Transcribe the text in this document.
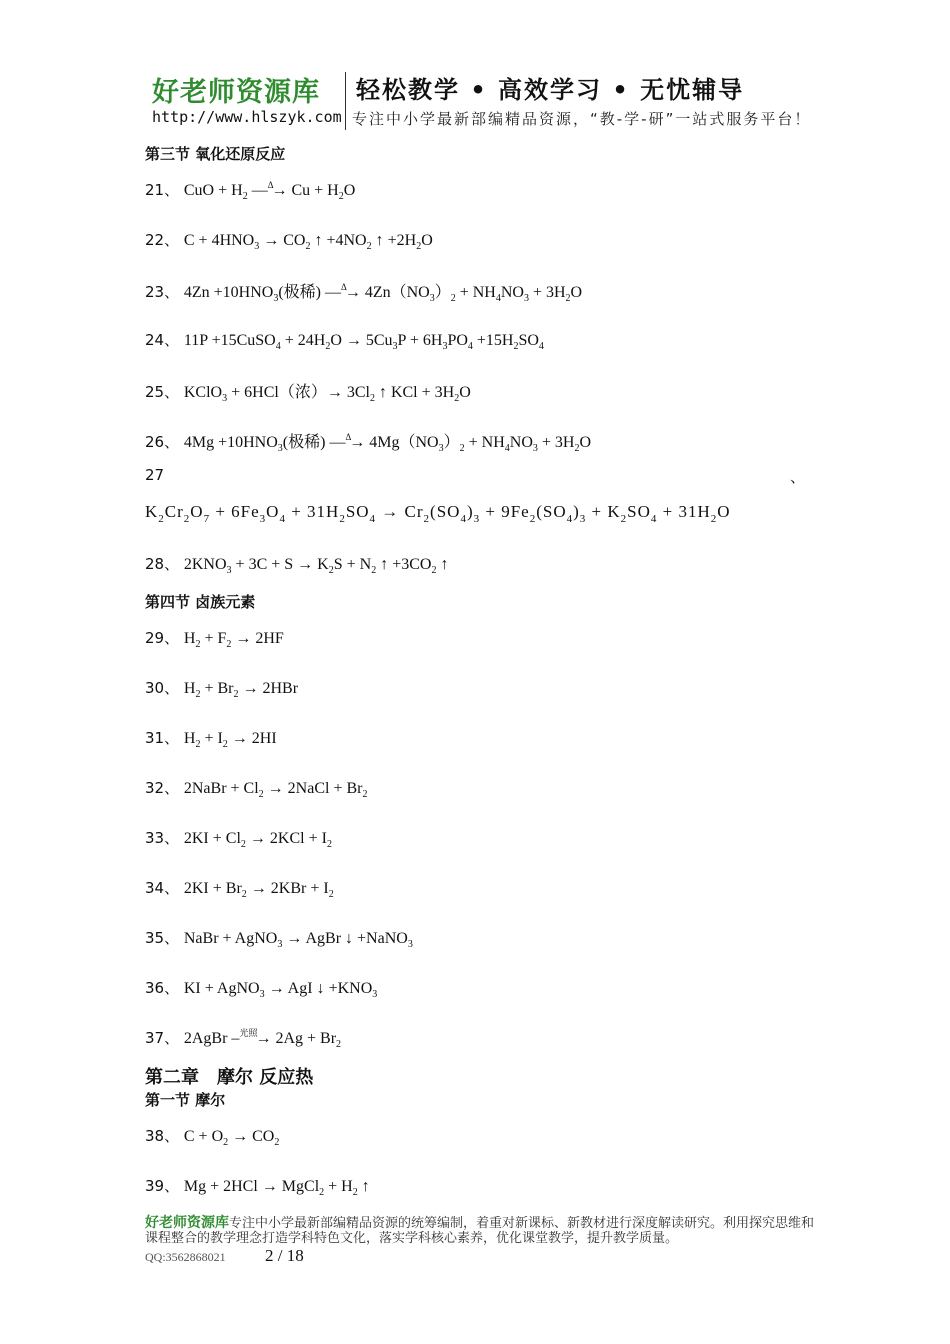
好老师资源库
http://www.hlszyk.com
轻松教学 • 高效学习 • 无忧辅导
专注中小学最新部编精品资源，“教-学-研”一站式服务平台！
第三节 氧化还原反应
21、 CuO + $H_2$ —$^\Delta$→ $Cu + H_2O$
22、 $C + 4HNO_3 \to CO_2$ ↑ $+4NO_2$ ↑ $+2H_2O$
23、 $4Zn +10HNO_3$(极稀) —$^\Delta$→ $4Zn(NO_3)_2 + NH_4NO_3 + 3H_2O$
24、 11P +15CuSO$_4$ + $24H_2O \to 5Cu_3P + 6H_3PO_4 +15H_2SO_4$
25、 KClO$_3$ + 6HCl（浓）→ $3Cl_2$ ↑ KCl + $3H_2O$
26、 $4Mg +10HNO_3$(极稀) —$^\Delta$→ $4Mg(NO_3)_2 + NH_4NO_3 + 3H_2O$
27	、
$K_2Cr_2O_7 + 6Fe_3O_4 + 31H_2SO_4 \to Cr_2(SO_4)_3 + 9Fe_2(SO_4)_3 + K_2SO_4 + 31H_2O$
28、 $2KNO_3 + 3C + S \to K_2S + N_2$ ↑ $+3CO_2$ ↑
第四节 卤族元素
29、 $H_2 + F_2 \to 2HF$
30、 $H_2 + Br_2 \to 2HBr$
31、 $H_2 + I_2 \to 2HI$
32、 2NaBr + $Cl_2$ → 2NaCl + $Br_2$
33、 $2KI + Cl_2 \to 2KCl + I_2$
34、 $2KI + Br_2 \to 2KBr + I_2$
35、 NaBr + AgNO$_3$ → AgBr ↓ +NaNO$_3$
36、 KI + AgNO$_3$ → AgI ↓ $+KNO_3$
37、 2AgBr $-^{光照}\to 2Ag + Br_2$
第二章　摩尔 反应热
第一节 摩尔
38、 $C + O_2 \to CO_2$
39、 Mg + 2HCl → MgCl$_2$ + $H_2$ ↑
好老师资源库专注中小学最新部编精品资源的统筹编制，着重对新课标、新教材进行深度解读研究。利用探究思维和课程整合的教学理念打造学科特色文化，落实学科核心素养，优化课堂教学，提升教学质量。
QQ:3562868021 2 / 18
